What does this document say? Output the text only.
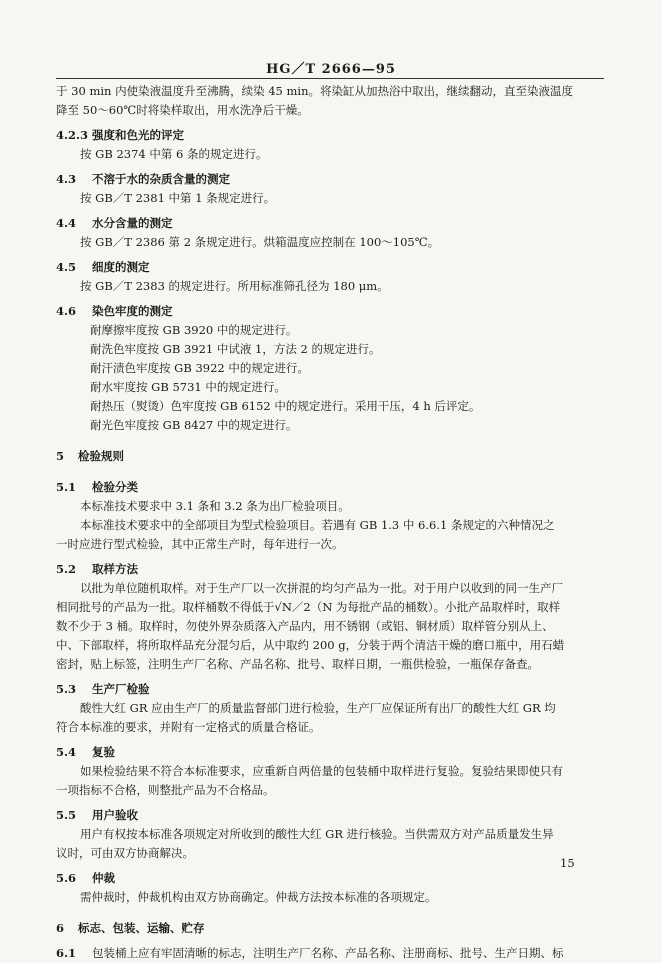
HG／T 2666—95

于 30 min 内使染液温度升至沸腾，续染 45 min。将染缸从加热浴中取出，继续翻动，直至染液温度

降至 50～60℃时将染样取出，用水洗净后干燥。

4.2.3 强度和色光的评定

按 GB 2374 中第 6 条的规定进行。

4.3 不溶于水的杂质含量的测定

按 GB／T 2381 中第 1 条规定进行。

4.4 水分含量的测定

按 GB／T 2386 第 2 条规定进行。烘箱温度应控制在 100～105℃。

4.5 细度的测定

按 GB／T 2383 的规定进行。所用标准筛孔径为 180 μm。

4.6 染色牢度的测定

耐摩擦牢度按 GB 3920 中的规定进行。

耐洗色牢度按 GB 3921 中试液 1，方法 2 的规定进行。

耐汗渍色牢度按 GB 3922 中的规定进行。

耐水牢度按 GB 5731 中的规定进行。

耐热压（熨烫）色牢度按 GB 6152 中的规定进行。采用干压，4 h 后评定。

耐光色牢度按 GB 8427 中的规定进行。

5 检验规则

5.1 检验分类

本标准技术要求中 3.1 条和 3.2 条为出厂检验项目。

本标准技术要求中的全部项目为型式检验项目。若遇有 GB 1.3 中 6.6.1 条规定的六种情况之

一时应进行型式检验，其中正常生产时，每年进行一次。

5.2 取样方法

以批为单位随机取样。对于生产厂以一次拼混的均匀产品为一批。对于用户以收到的同一生产厂

相同批号的产品为一批。取样桶数不得低于√N／2（N 为每批产品的桶数）。小批产品取样时，取样

数不少于 3 桶。取样时，勿使外界杂质落入产品内，用不锈钢（或铝、铜材质）取样管分别从上、

中、下部取样，将所取样品充分混匀后，从中取约 200 g，分装于两个清洁干燥的磨口瓶中，用石蜡

密封，贴上标签，注明生产厂名称、产品名称、批号、取样日期，一瓶供检验，一瓶保存备查。

5.3 生产厂检验

酸性大红 GR 应由生产厂的质量监督部门进行检验，生产厂应保证所有出厂的酸性大红 GR 均

符合本标准的要求，并附有一定格式的质量合格证。

5.4 复验

如果检验结果不符合本标准要求，应重新自两倍量的包装桶中取样进行复验。复验结果即使只有

一项指标不合格，则整批产品为不合格品。

5.5 用户验收

用户有权按本标准各项规定对所收到的酸性大红 GR 进行核验。当供需双方对产品质量发生异

议时，可由双方协商解决。

5.6 仲裁

需仲裁时，仲裁机构由双方协商确定。仲裁方法按本标准的各项规定。

6 标志、包装、运输、贮存

6.1 包装桶上应有牢固清晰的标志，注明生产厂名称、产品名称、注册商标、批号、生产日期、标

15
